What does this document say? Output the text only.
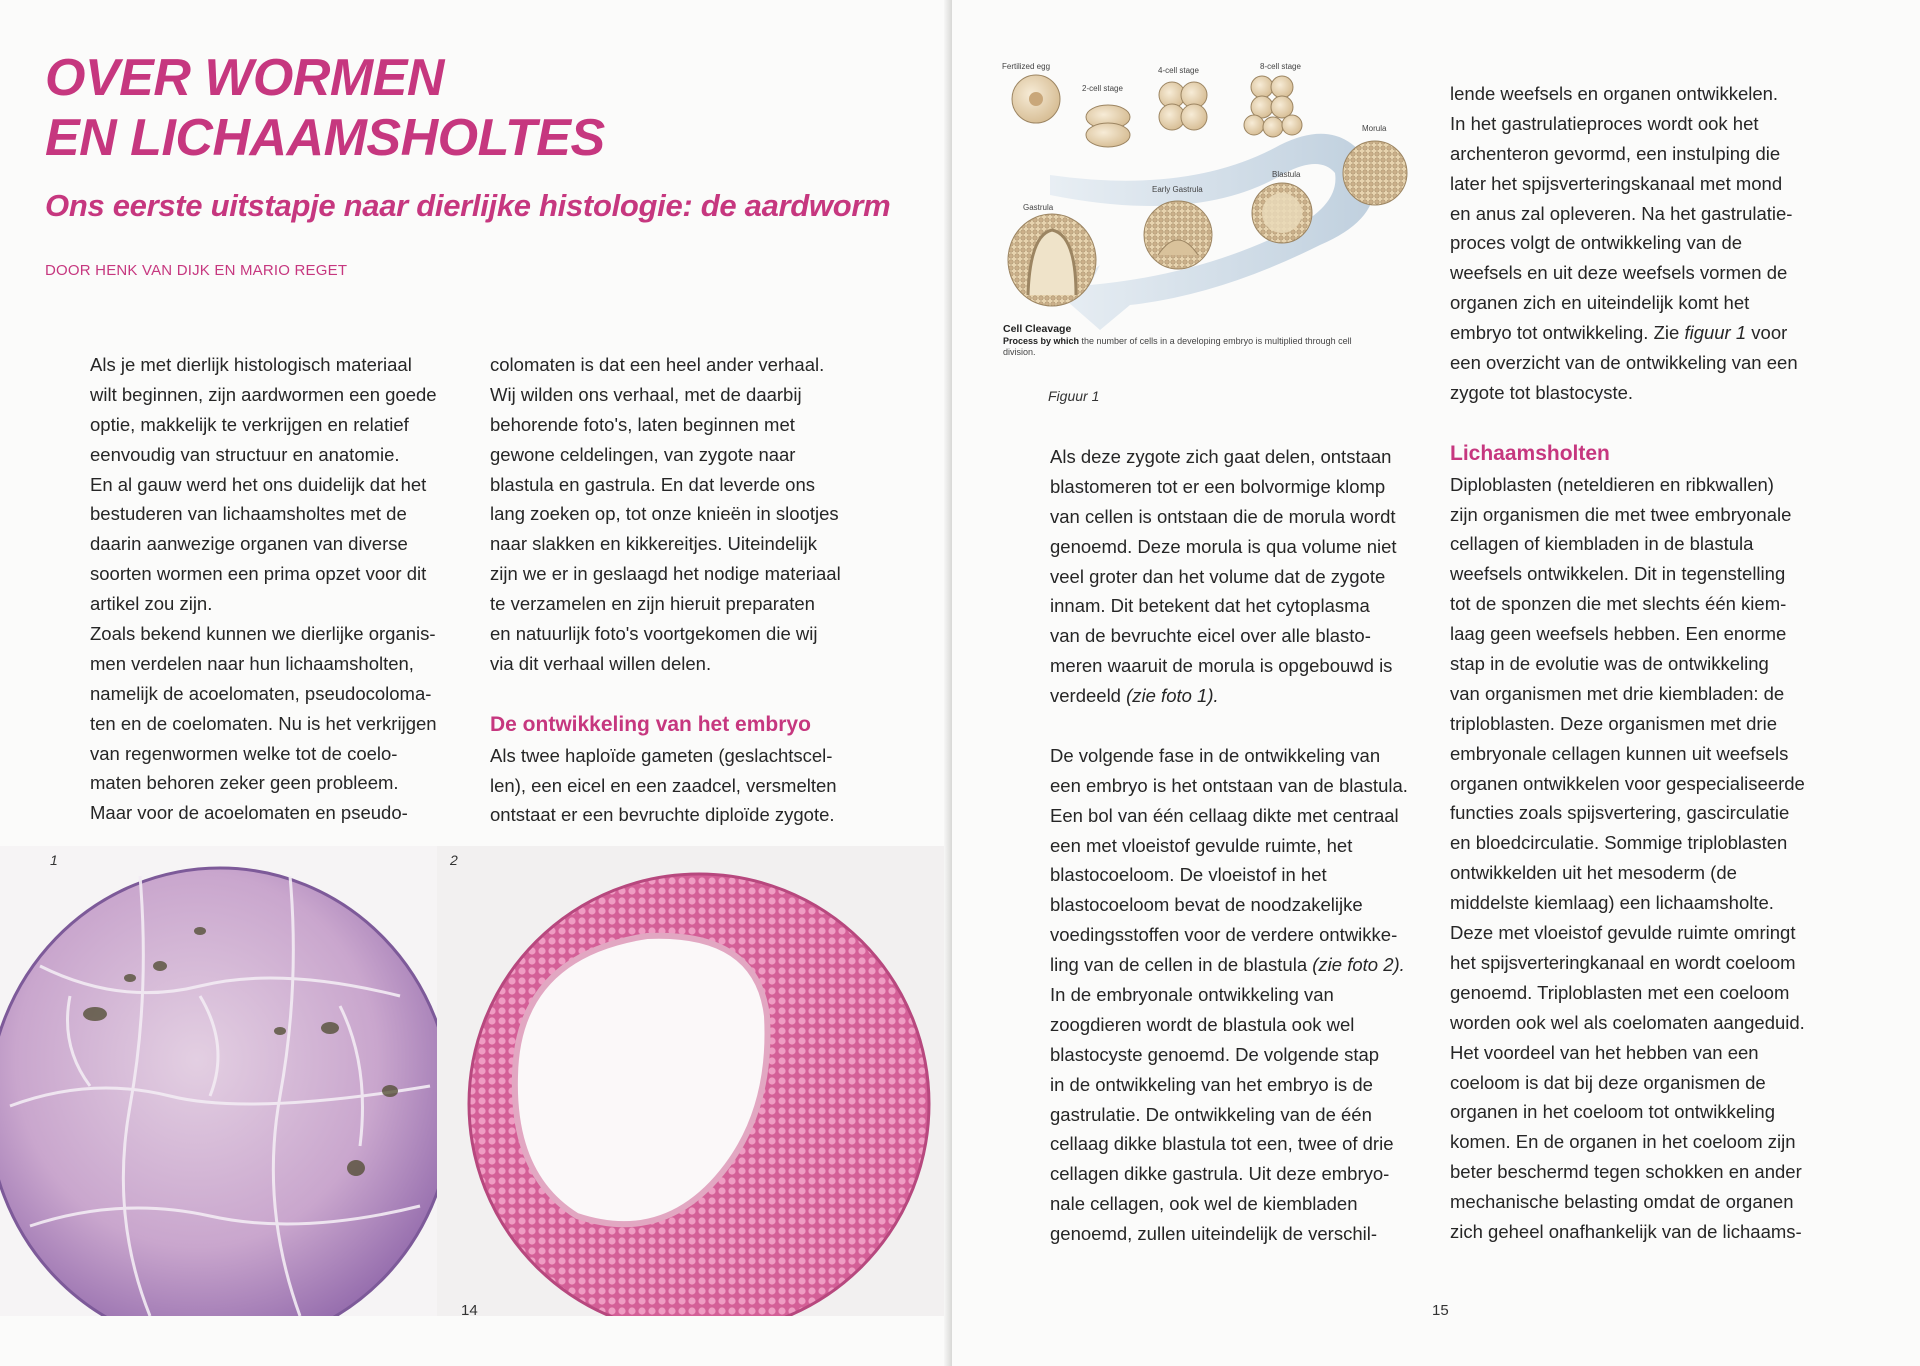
OVER WORMEN
EN LICHAAMSHOLTES
Ons eerste uitstapje naar dierlijke histologie: de aardworm
DOOR HENK VAN DIJK EN MARIO REGET
Als je met dierlijk histologisch materiaal
wilt beginnen, zijn aardwormen een goede
optie, makkelijk te verkrijgen en relatief
eenvoudig van structuur en anatomie.
En al gauw werd het ons duidelijk dat het
bestuderen van lichaamsholtes met de
daarin aanwezige organen van diverse
soorten wormen een prima opzet voor dit
artikel zou zijn.
Zoals bekend kunnen we dierlijke organis-
men verdelen naar hun lichaamsholten,
namelijk de acoelomaten, pseudocoloma-
ten en de coelomaten. Nu is het verkrijgen
van regenwormen welke tot de coelo-
maten behoren zeker geen probleem.
Maar voor de acoelomaten en pseudo-
colomaten is dat een heel ander verhaal.
Wij wilden ons verhaal, met de daarbij
behorende foto's, laten beginnen met
gewone celdelingen, van zygote naar
blastula en gastrula. En dat leverde ons
lang zoeken op, tot onze knieën in slootjes
naar slakken en kikkereitjes. Uiteindelijk
zijn we er in geslaagd het nodige materiaal
te verzamelen en zijn hieruit preparaten
en natuurlijk foto's voortgekomen die wij
via dit verhaal willen delen.
De ontwikkeling van het embryo
Als twee haploïde gameten (geslachtscel-
len), een eicel en een zaadcel, versmelten
ontstaat er een bevruchte diploïde zygote.
1	2
14
Fertilized egg
2-cell stage
4-cell stage	8-cell stage
Morula
Blastula
Early Gastrula
Gastrula
Cell Cleavage
Process by which the number of cells in a developing embryo is multiplied through cell division.
Figuur 1
Als deze zygote zich gaat delen, ontstaan
blastomeren tot er een bolvormige klomp
van cellen is ontstaan die de morula wordt
genoemd. Deze morula is qua volume niet
veel groter dan het volume dat de zygote
innam. Dit betekent dat het cytoplasma
van de bevruchte eicel over alle blasto-
meren waaruit de morula is opgebouwd is
verdeeld (zie foto 1).
De volgende fase in de ontwikkeling van
een embryo is het ontstaan van de blastula.
Een bol van één cellaag dikte met centraal
een met vloeistof gevulde ruimte, het
blastocoeloom. De vloeistof in het
blastocoeloom bevat de noodzakelijke
voedingsstoffen voor de verdere ontwikke-
ling van de cellen in de blastula (zie foto 2).
In de embryonale ontwikkeling van
zoogdieren wordt de blastula ook wel
blastocyste genoemd. De volgende stap
in de ontwikkeling van het embryo is de
gastrulatie. De ontwikkeling van de één
cellaag dikke blastula tot een, twee of drie
cellagen dikke gastrula. Uit deze embryo-
nale cellagen, ook wel de kiembladen
genoemd, zullen uiteindelijk de verschil-
lende weefsels en organen ontwikkelen.
In het gastrulatieproces wordt ook het
archenteron gevormd, een instulping die
later het spijsverteringskanaal met mond
en anus zal opleveren. Na het gastrulatie-
proces volgt de ontwikkeling van de
weefsels en uit deze weefsels vormen de
organen zich en uiteindelijk komt het
embryo tot ontwikkeling. Zie figuur 1 voor
een overzicht van de ontwikkeling van een
zygote tot blastocyste.
Lichaamsholten
Diploblasten (neteldieren en ribkwallen)
zijn organismen die met twee embryonale
cellagen of kiembladen in de blastula
weefsels ontwikkelen. Dit in tegenstelling
tot de sponzen die met slechts één kiem-
laag geen weefsels hebben. Een enorme
stap in de evolutie was de ontwikkeling
van organismen met drie kiembladen: de
triploblasten. Deze organismen met drie
embryonale cellagen kunnen uit weefsels
organen ontwikkelen voor gespecialiseerde
functies zoals spijsvertering, gascirculatie
en bloedcirculatie. Sommige triploblasten
ontwikkelden uit het mesoderm (de
middelste kiemlaag) een lichaamsholte.
Deze met vloeistof gevulde ruimte omringt
het spijsverteringkanaal en wordt coeloom
genoemd. Triploblasten met een coeloom
worden ook wel als coelomaten aangeduid.
Het voordeel van het hebben van een
coeloom is dat bij deze organismen de
organen in het coeloom tot ontwikkeling
komen. En de organen in het coeloom zijn
beter beschermd tegen schokken en ander
mechanische belasting omdat de organen
zich geheel onafhankelijk van de lichaams-
15
